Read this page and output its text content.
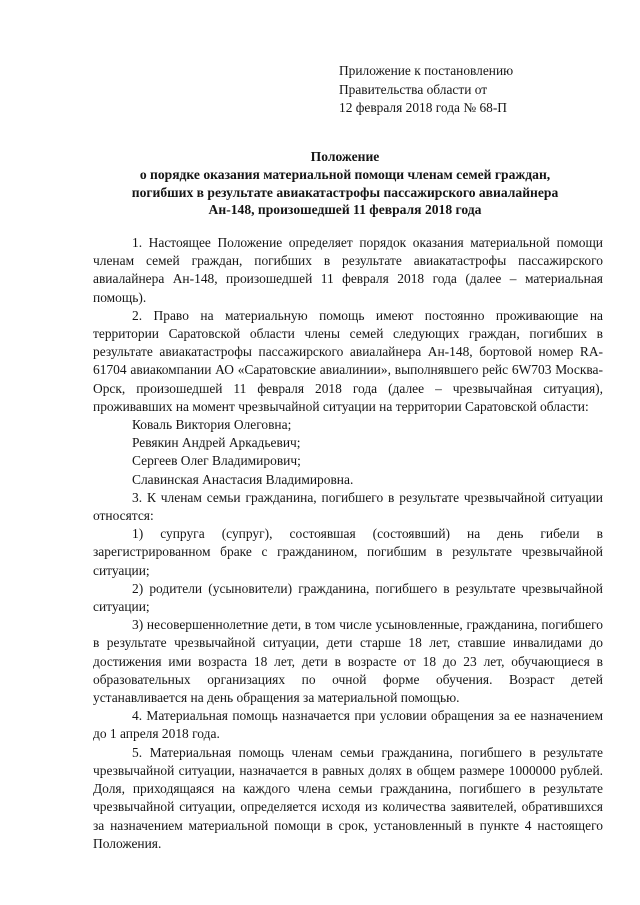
Приложение к постановлению
Правительства области от
12 февраля 2018 года № 68-П
Положение
о порядке оказания материальной помощи членам семей граждан,
погибших в результате авиакатастрофы пассажирского авиалайнера
Ан-148, произошедшей 11 февраля 2018 года

1. Настоящее Положение определяет порядок оказания материальной помощи членам семей граждан, погибших в результате авиакатастрофы пассажирского авиалайнера Ан-148, произошедшей 11 февраля 2018 года (далее – материальная помощь).

2. Право на материальную помощь имеют постоянно проживающие на территории Саратовской области члены семей следующих граждан, погибших в результате авиакатастрофы пассажирского авиалайнера Ан-148, бортовой номер RA-61704 авиакомпании АО «Саратовские авиалинии», выполнявшего рейс 6W703 Москва-Орск, произошедшей 11 февраля 2018 года (далее – чрезвычайная ситуация), проживавших на момент чрезвычайной ситуации на территории Саратовской области:

Коваль Виктория Олеговна;

Ревякин Андрей Аркадьевич;

Сергеев Олег Владимирович;

Славинская Анастасия Владимировна.

3. К членам семьи гражданина, погибшего в результате чрезвычайной ситуации относятся:

1) супруга (супруг), состоявшая (состоявший) на день гибели в зарегистрированном браке с гражданином, погибшим в результате чрезвычайной ситуации;

2) родители (усыновители) гражданина, погибшего в результате чрезвычайной ситуации;

3) несовершеннолетние дети, в том числе усыновленные, гражданина, погибшего в результате чрезвычайной ситуации, дети старше 18 лет, ставшие инвалидами до достижения ими возраста 18 лет, дети в возрасте от 18 до 23 лет, обучающиеся в образовательных организациях по очной форме обучения. Возраст детей устанавливается на день обращения за материальной помощью.

4. Материальная помощь назначается при условии обращения за ее назначением до 1 апреля 2018 года.

5. Материальная помощь членам семьи гражданина, погибшего в результате чрезвычайной ситуации, назначается в равных долях в общем размере 1000000 рублей. Доля, приходящаяся на каждого члена семьи гражданина, погибшего в результате чрезвычайной ситуации, определяется исходя из количества заявителей, обратившихся за назначением материальной помощи в срок, установленный в пункте 4 настоящего Положения.
